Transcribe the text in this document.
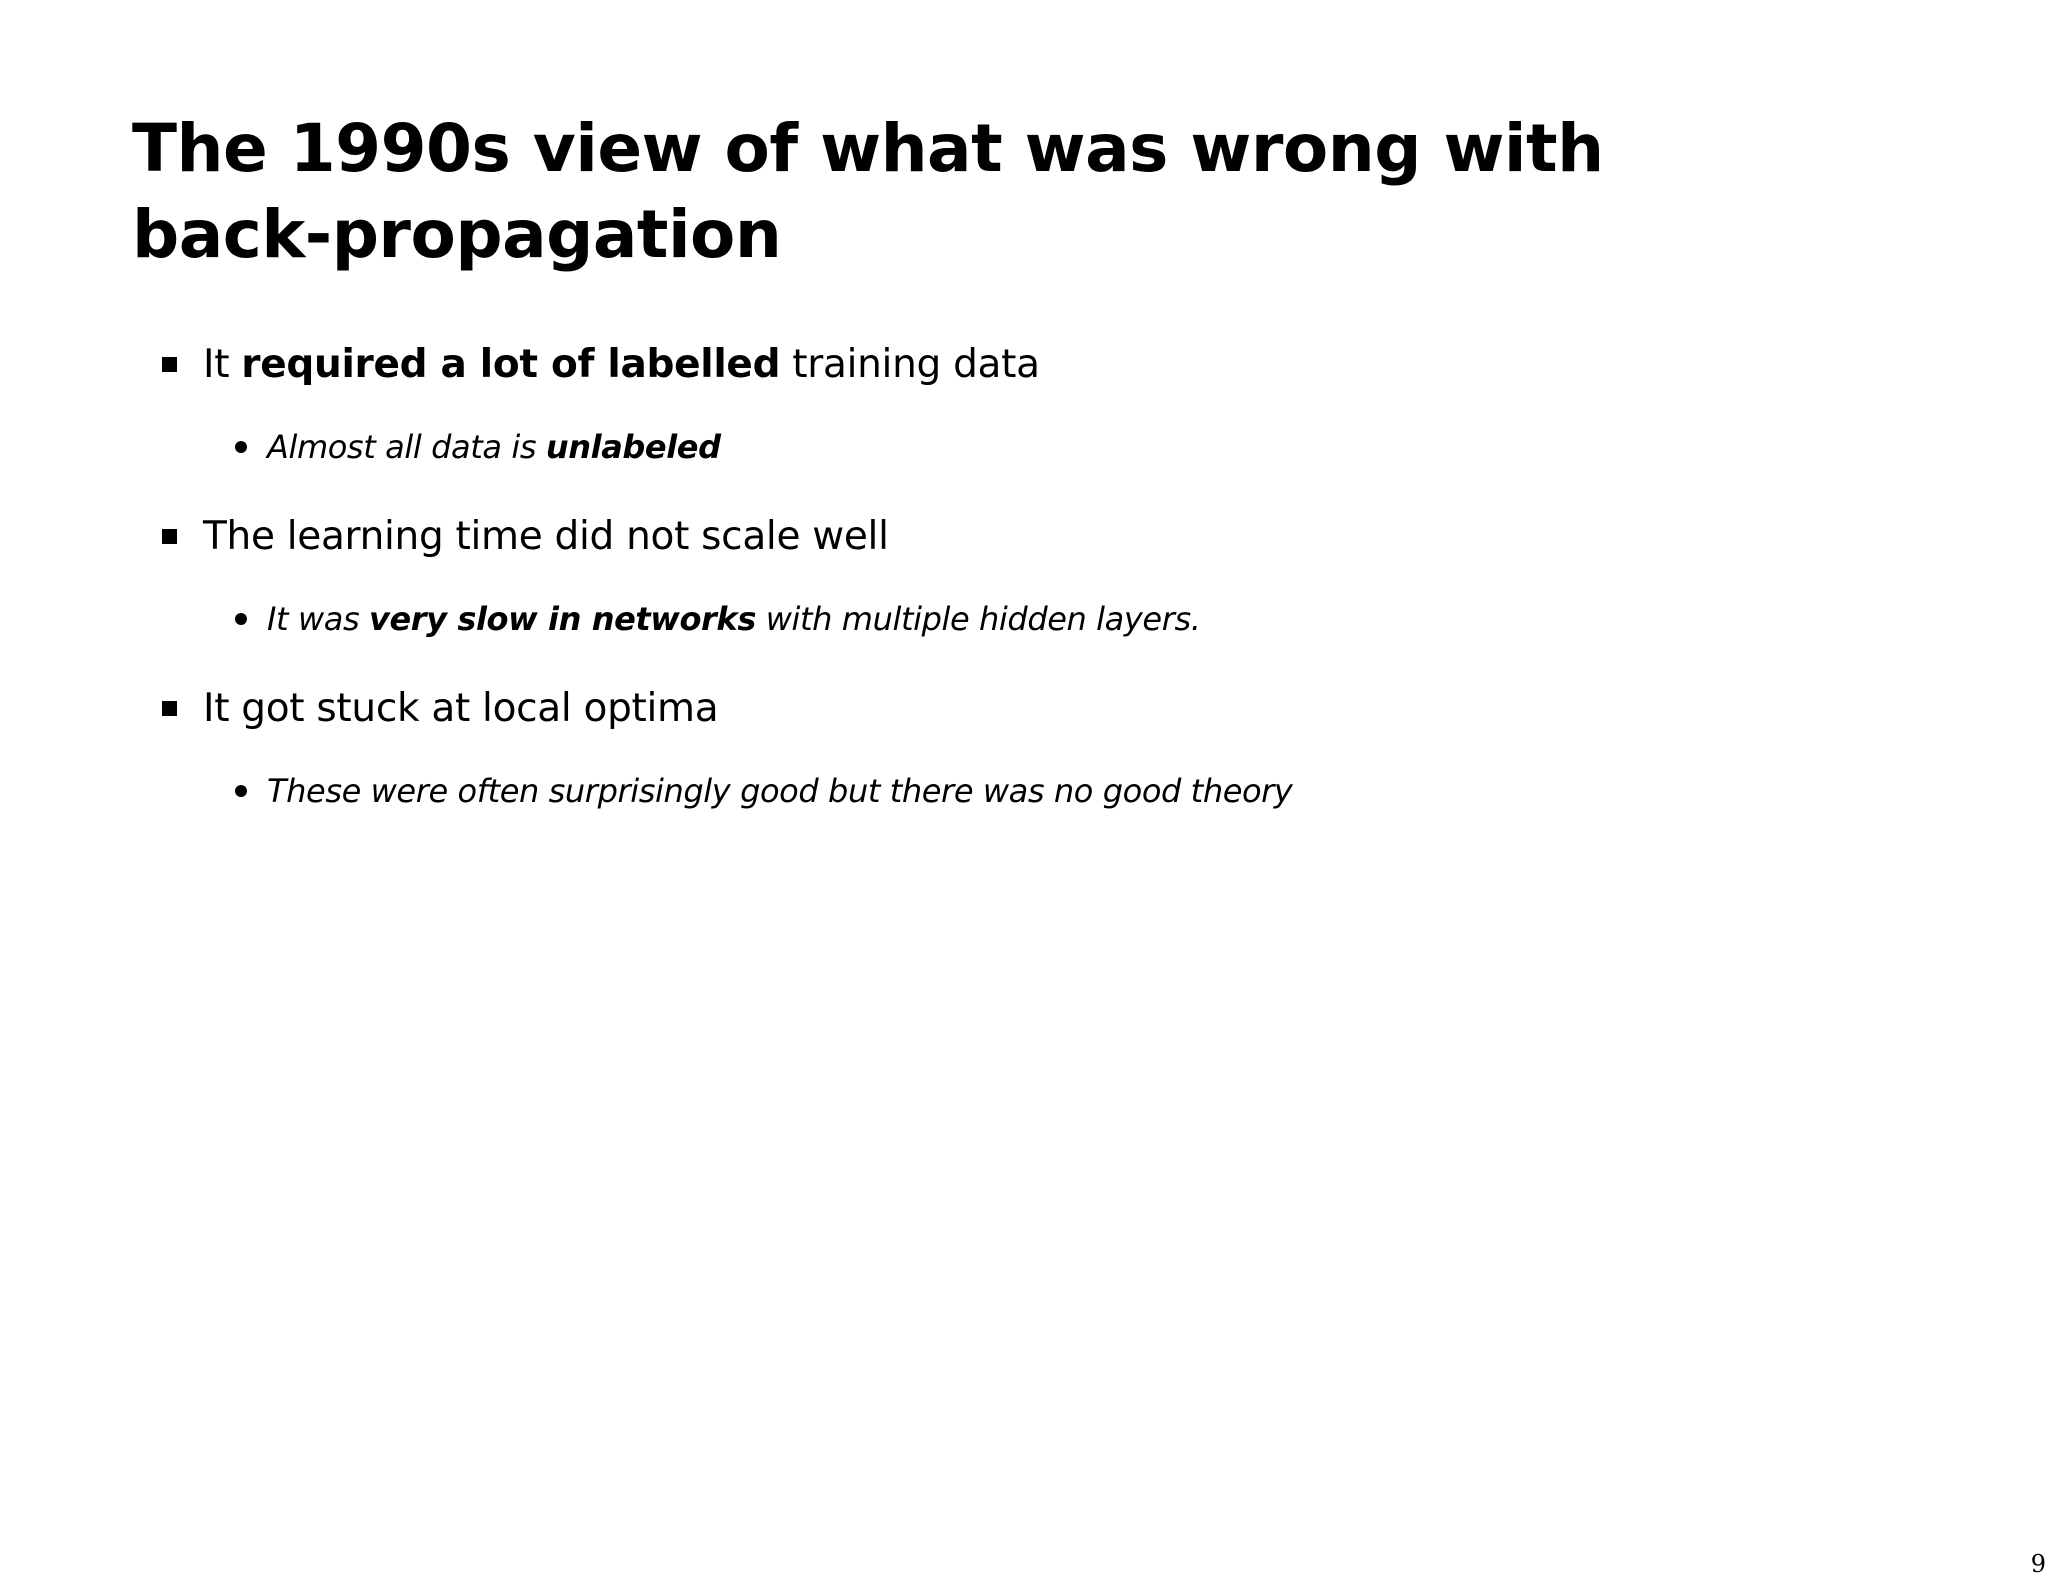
The 1990s view of what was wrong with
back-propagation
It required a lot of labelled training data
Almost all data is unlabeled
The learning time did not scale well
It was very slow in networks with multiple hidden layers.
It got stuck at local optima
These were often surprisingly good but there was no good theory
9
